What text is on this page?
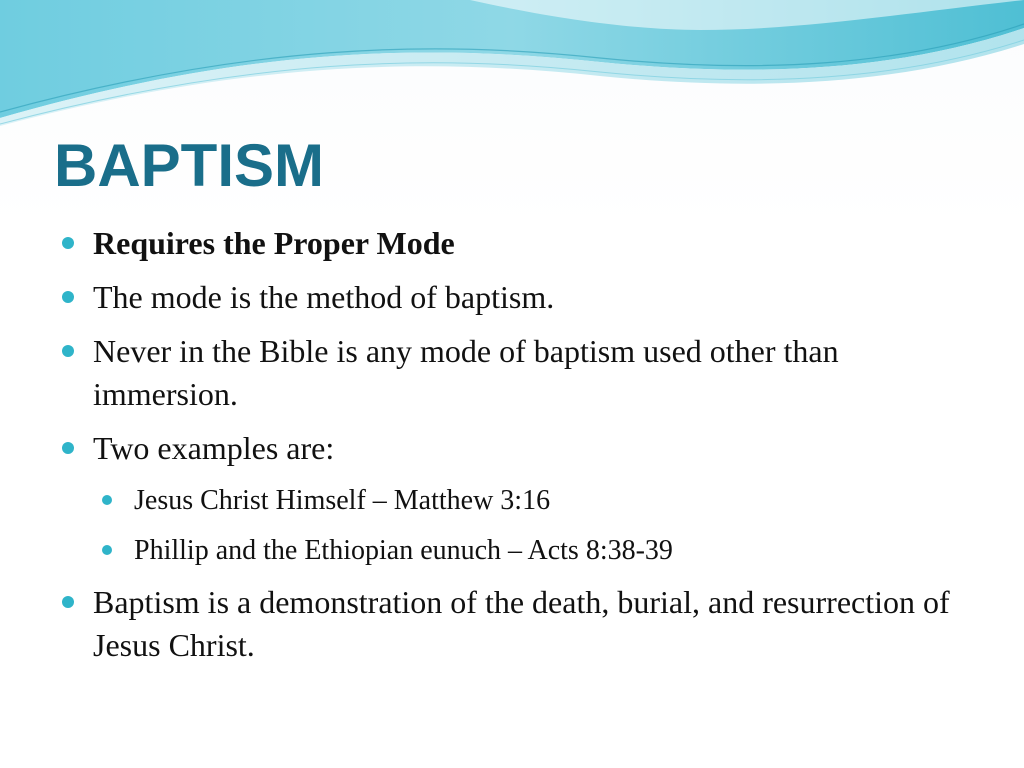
BAPTISM
Requires the Proper Mode
The mode is the method of baptism.
Never in the Bible is any mode of baptism used other than immersion.
Two examples are:
Jesus Christ Himself – Matthew 3:16
Phillip and the Ethiopian eunuch – Acts 8:38-39
Baptism is a demonstration of the death, burial, and resurrection of Jesus Christ.
